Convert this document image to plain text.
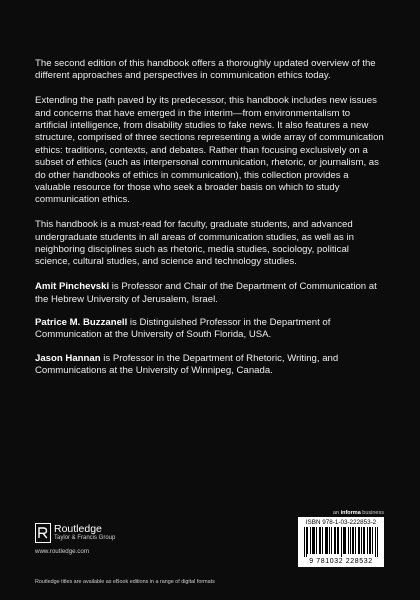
The second edition of this handbook offers a thoroughly updated overview of the different approaches and perspectives in communication ethics today.

Extending the path paved by its predecessor, this handbook includes new issues and concerns that have emerged in the interim—from environmentalism to artificial intelligence, from disability studies to fake news. It also features a new structure, comprised of three sections representing a wide array of communication ethics: traditions, contexts, and debates. Rather than focusing exclusively on a subset of ethics (such as interpersonal communication, rhetoric, or journalism, as do other handbooks of ethics in communication), this collection provides a valuable resource for those who seek a broader basis on which to study communication ethics.

This handbook is a must-read for faculty, graduate students, and advanced undergraduate students in all areas of communication studies, as well as in neighboring disciplines such as rhetoric, media studies, sociology, political science, cultural studies, and science and technology studies.

Amit Pinchevski is Professor and Chair of the Department of Communication at the Hebrew University of Jerusalem, Israel.

Patrice M. Buzzanell is Distinguished Professor in the Department of Communication at the University of South Florida, USA.

Jason Hannan is Professor in the Department of Rhetoric, Writing, and Communications at the University of Winnipeg, Canada.

Routledge
Taylor & Francis Group
www.routledge.com
an informa business
ISBN 978-1-03-222853-2
9 781032 228532
Routledge titles are available as eBook editions in a range of digital formats
